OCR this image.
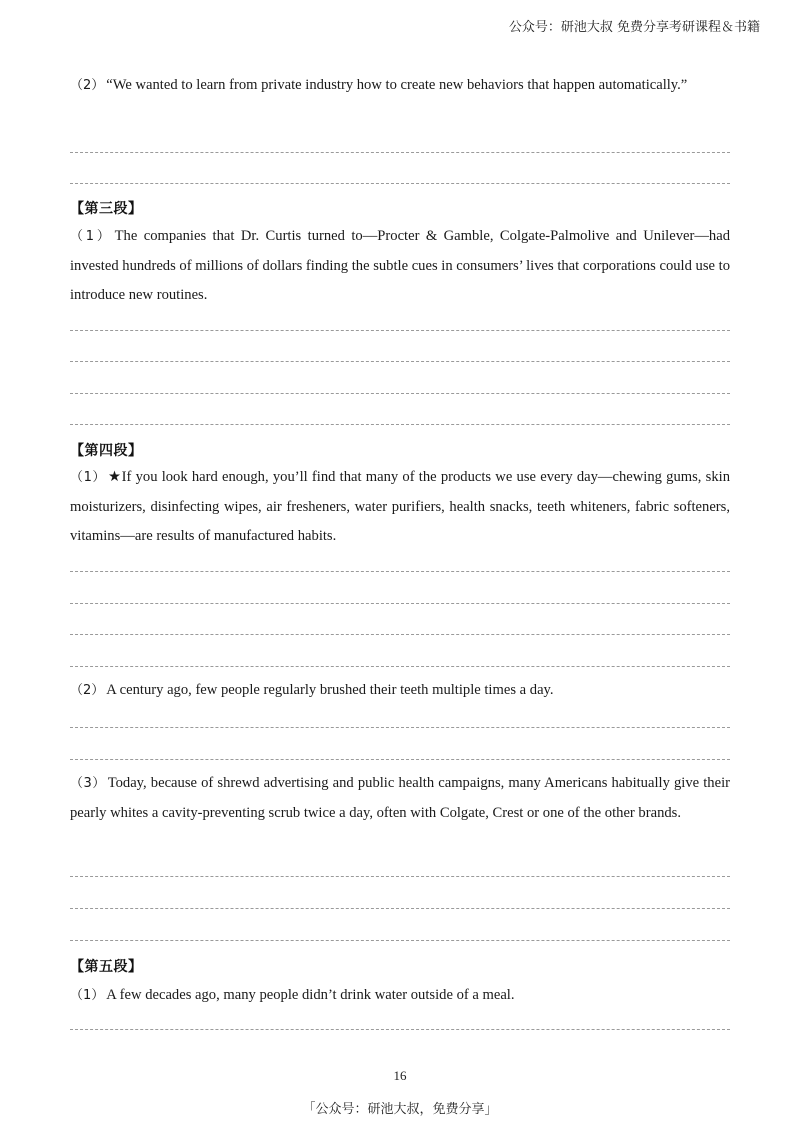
公众号：研池大叔 免费分享考研课程＆书籍

（2） “We wanted to learn from private industry how to create new behaviors that happen automatically.”

【第三段】

（1） The companies that Dr. Curtis turned to—Procter & Gamble, Colgate-Palmolive and Unilever—had invested hundreds of millions of dollars finding the subtle cues in consumers’ lives that corporations could use to introduce new routines.

【第四段】

（1） ★If you look hard enough, you’ll find that many of the products we use every day—chewing gums, skin moisturizers, disinfecting wipes, air fresheners, water purifiers, health snacks, teeth whiteners, fabric softeners, vitamins—are results of manufactured habits.

（2） A century ago, few people regularly brushed their teeth multiple times a day.

（3） Today, because of shrewd advertising and public health campaigns, many Americans habitually give their pearly whites a cavity-preventing scrub twice a day, often with Colgate, Crest or one of the other brands.

【第五段】

（1） A few decades ago, many people didn’t drink water outside of a meal.

16
「公众号：研池大叔，免费分享」
